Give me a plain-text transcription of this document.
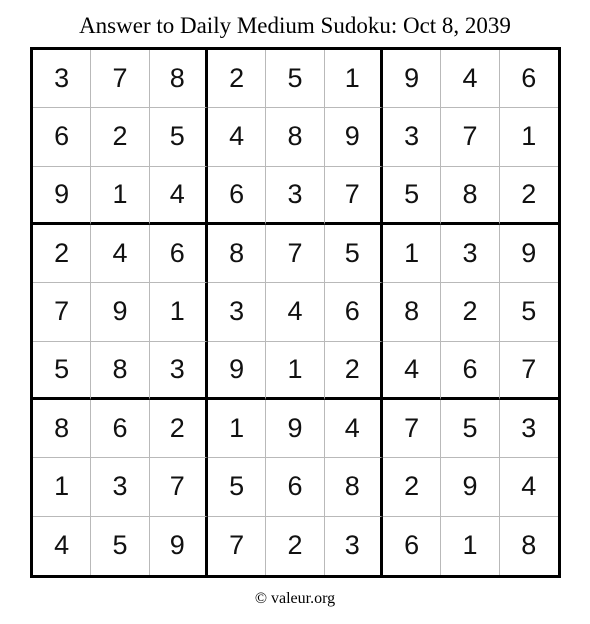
Answer to Daily Medium Sudoku: Oct 8, 2039
3	7	8	2	5	1	9	4	6
6	2	5	4	8	9	3	7	1
9	1	4	6	3	7	5	8	2
2	4	6	8	7	5	1	3	9
7	9	1	3	4	6	8	2	5
5	8	3	9	1	2	4	6	7
8	6	2	1	9	4	7	5	3
1	3	7	5	6	8	2	9	4
4	5	9	7	2	3	6	1	8
© valeur.org
